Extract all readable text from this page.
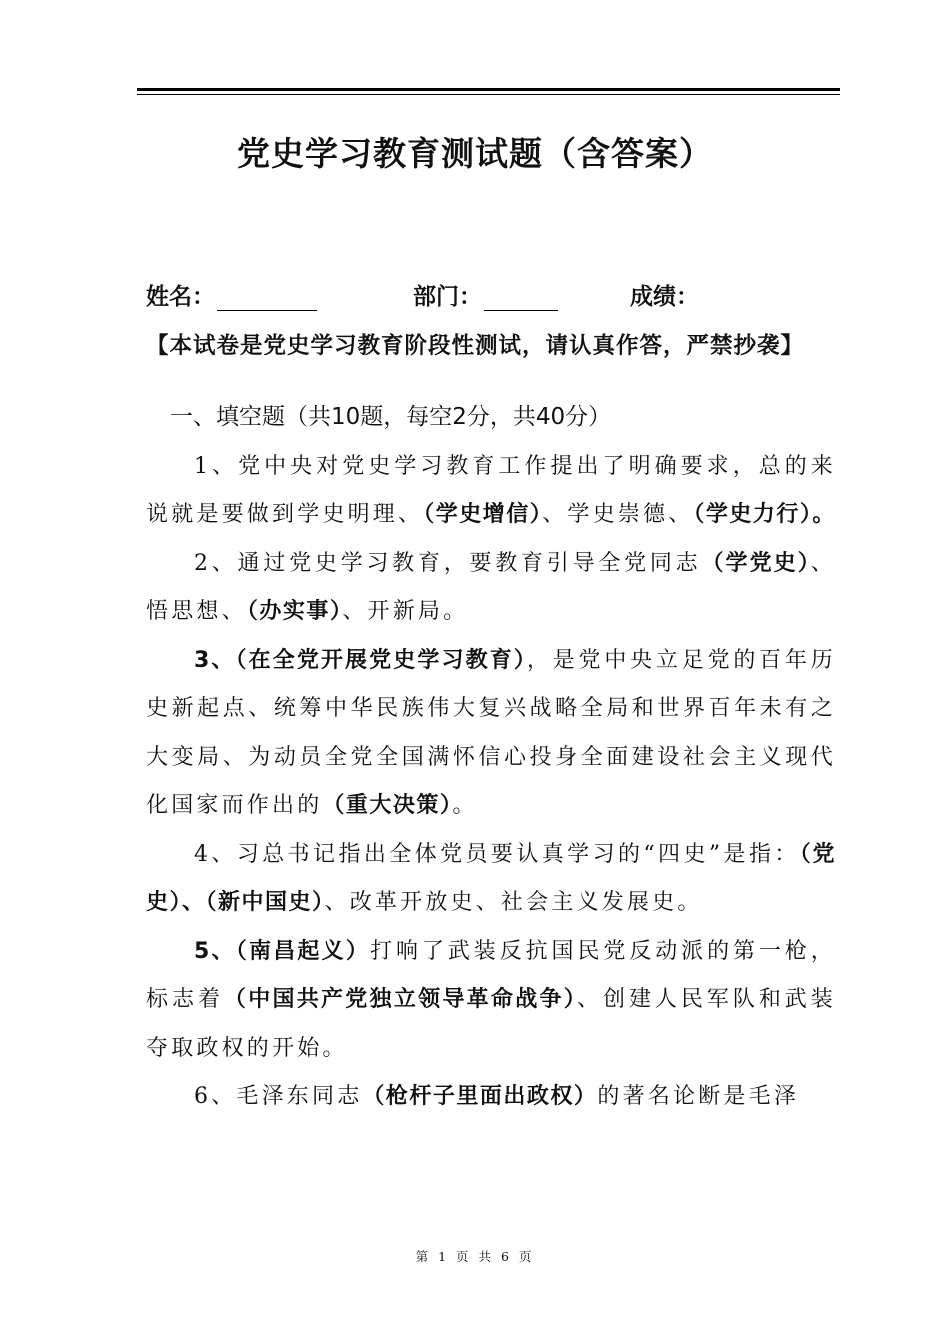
党史学习教育测试题（含答案）
姓名：	部门：	成绩：

【本试卷是党史学习教育阶段性测试，请认真作答，严禁抄袭】

一、填空题（共10题，每空2分，共40分）

1、党中央对党史学习教育工作提出了明确要求，总的来说就是要做到学史明理、（学史增信）、学史崇德、（学史力行）。

2、通过党史学习教育，要教育引导全党同志（学党史）、悟思想、（办实事）、开新局。

3、（在全党开展党史学习教育），是党中央立足党的百年历史新起点、统筹中华民族伟大复兴战略全局和世界百年未有之大变局、为动员全党全国满怀信心投身全面建设社会主义现代化国家而作出的（重大决策）。

4、习总书记指出全体党员要认真学习的“四史”是指：（党史）、（新中国史）、改革开放史、社会主义发展史。

5、（南昌起义）打响了武装反抗国民党反动派的第一枪，标志着（中国共产党独立领导革命战争）、创建人民军队和武装夺取政权的开始。

6、毛泽东同志（枪杆子里面出政权）的著名论断是毛泽

第 1 页 共 6 页
